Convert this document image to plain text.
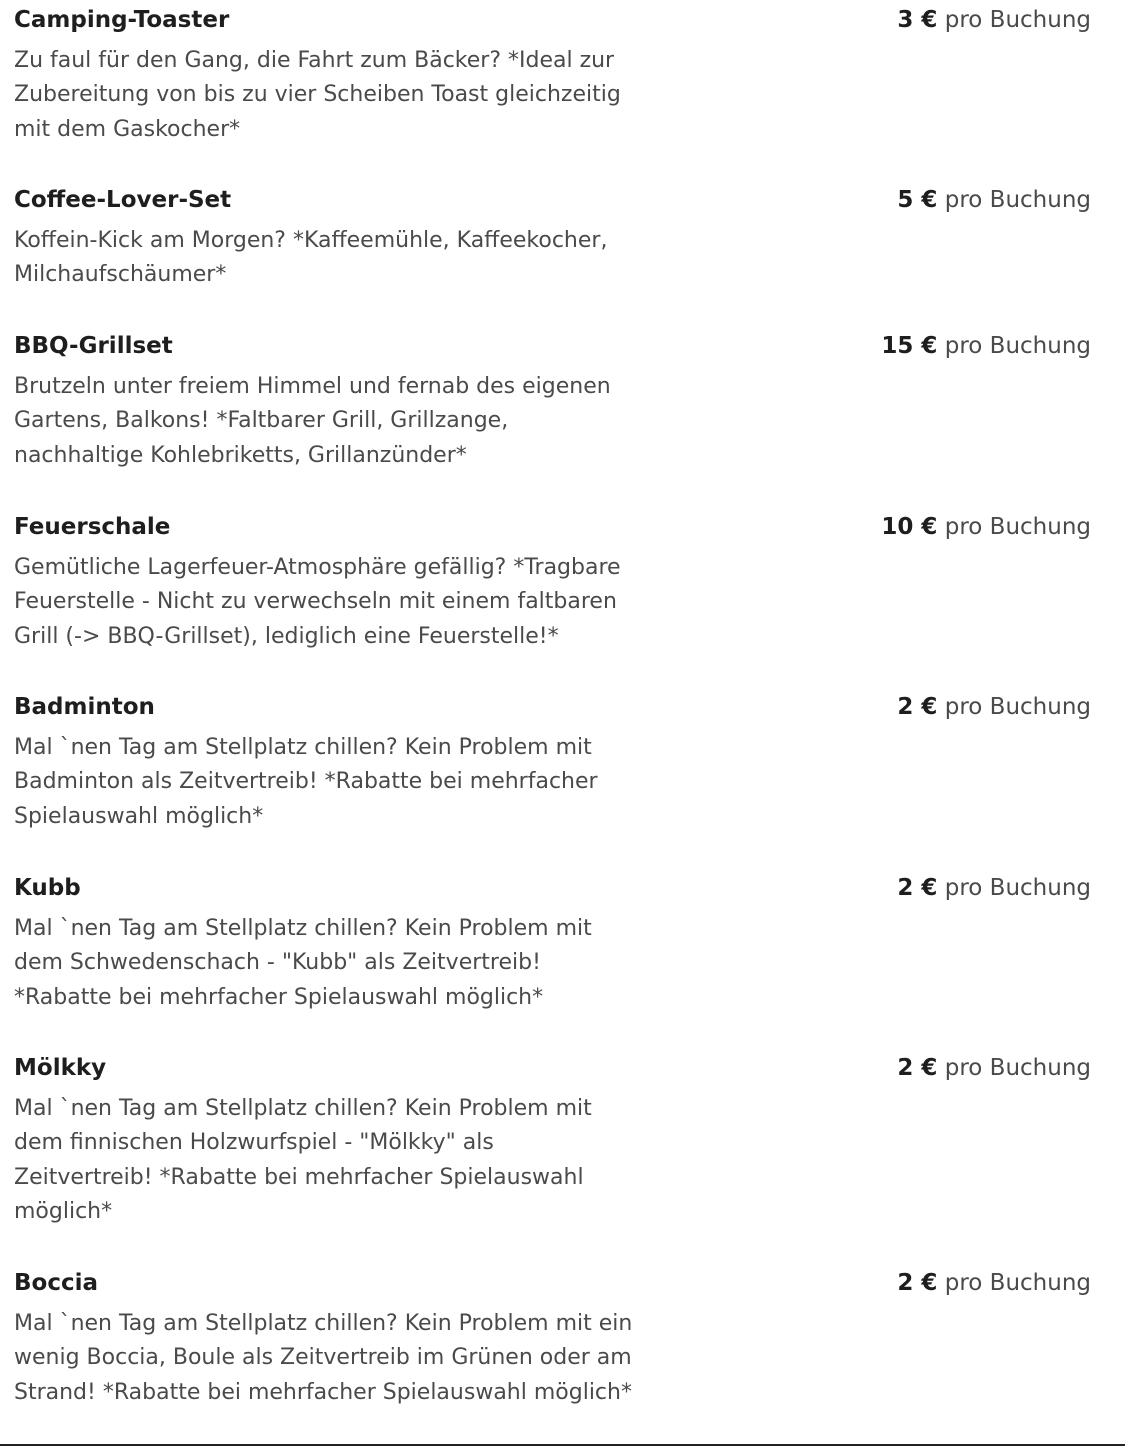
Camping-Toaster
Zu faul für den Gang, die Fahrt zum Bäcker? *Ideal zur Zubereitung von bis zu vier Scheiben Toast gleichzeitig mit dem Gaskocher*
3 € pro Buchung
Coffee-Lover-Set
Koffein-Kick am Morgen? *Kaffeemühle, Kaffeekocher, Milchaufschäumer*
5 € pro Buchung
BBQ-Grillset
Brutzeln unter freiem Himmel und fernab des eigenen Gartens, Balkons! *Faltbarer Grill, Grillzange, nachhaltige Kohlebriketts, Grillanzünder*
15 € pro Buchung
Feuerschale
Gemütliche Lagerfeuer-Atmosphäre gefällig? *Tragbare Feuerstelle - Nicht zu verwechseln mit einem faltbaren Grill (-> BBQ-Grillset), lediglich eine Feuerstelle!*
10 € pro Buchung
Badminton
Mal `nen Tag am Stellplatz chillen? Kein Problem mit Badminton als Zeitvertreib! *Rabatte bei mehrfacher Spielauswahl möglich*
2 € pro Buchung
Kubb
Mal `nen Tag am Stellplatz chillen? Kein Problem mit dem Schwedenschach - "Kubb" als Zeitvertreib! *Rabatte bei mehrfacher Spielauswahl möglich*
2 € pro Buchung
Mölkky
Mal `nen Tag am Stellplatz chillen? Kein Problem mit dem finnischen Holzwurfspiel - "Mölkky" als Zeitvertreib! *Rabatte bei mehrfacher Spielauswahl möglich*
2 € pro Buchung
Boccia
Mal `nen Tag am Stellplatz chillen? Kein Problem mit ein wenig Boccia, Boule als Zeitvertreib im Grünen oder am Strand! *Rabatte bei mehrfacher Spielauswahl möglich*
2 € pro Buchung
